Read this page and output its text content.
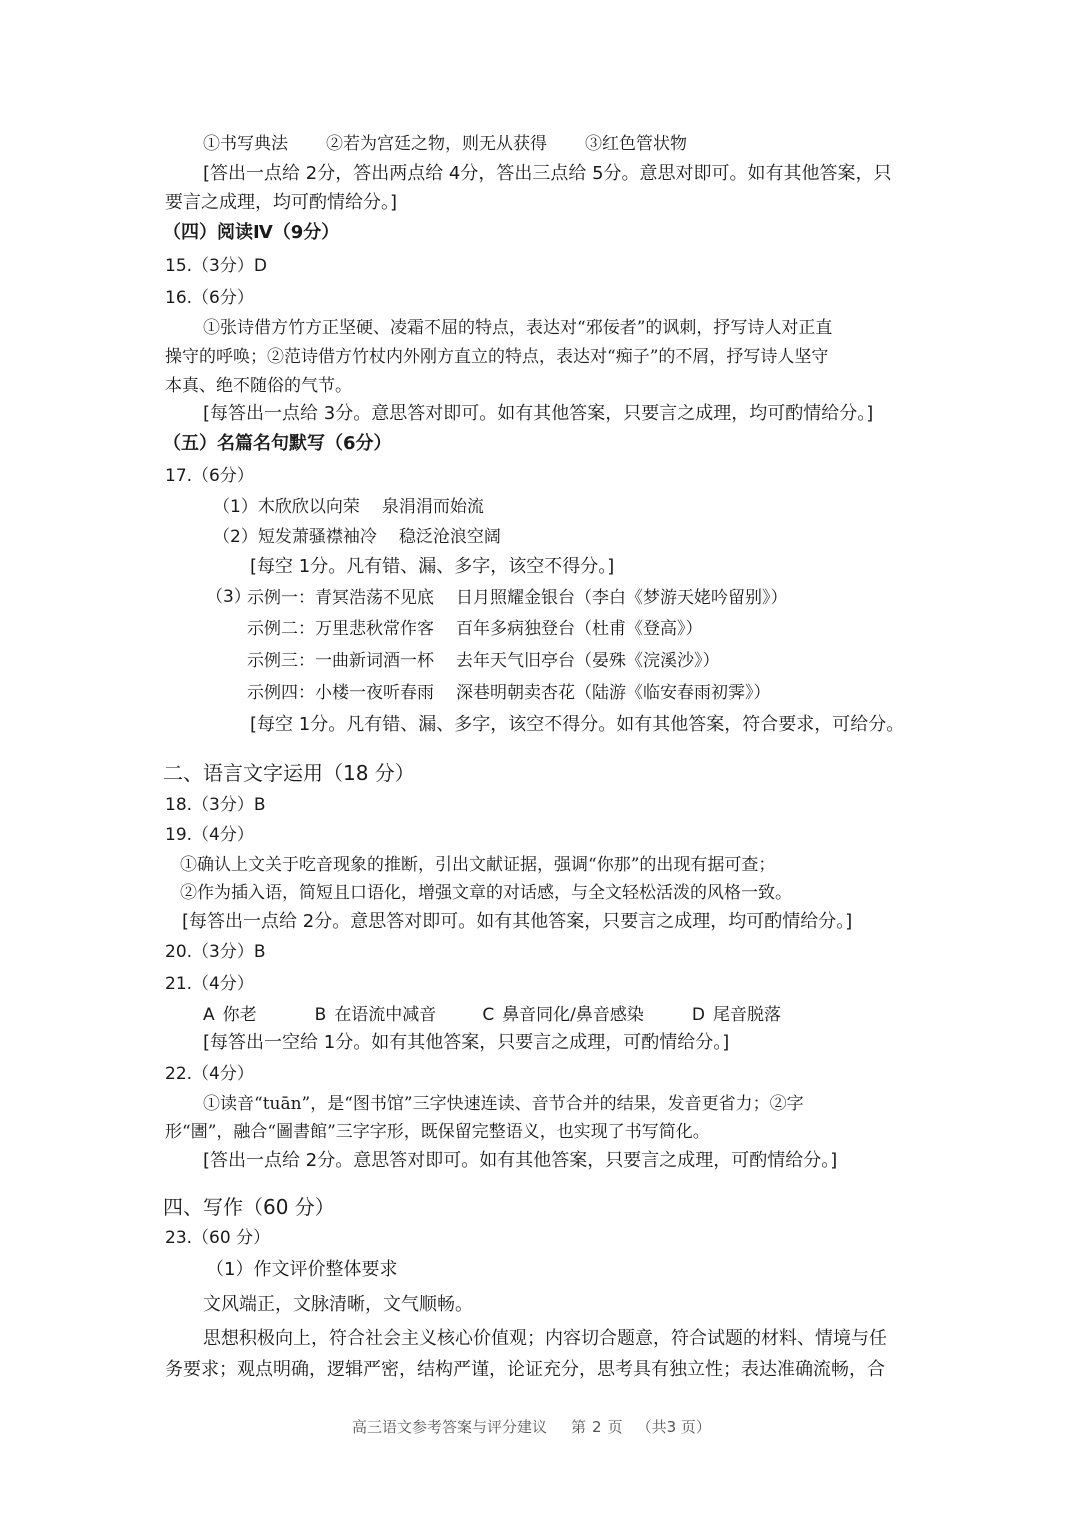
①书写典法 ②若为宫廷之物，则无从获得 ③红色管状物
[答出一点给 2分，答出两点给 4分，答出三点给 5分。意思对即可。如有其他答案，只
要言之成理，均可酌情给分。]
（四）阅读Ⅳ（9分）
15.（3分）D
16.（6分）
①张诗借方竹方正坚硬、凌霜不屈的特点，表达对“邪佞者”的讽刺，抒写诗人对正直
操守的呼唤；②范诗借方竹杖内外刚方直立的特点，表达对“痴子”的不屑，抒写诗人坚守
本真、绝不随俗的气节。
[每答出一点给 3分。意思答对即可。如有其他答案，只要言之成理，均可酌情给分。]
（五）名篇名句默写（6分）
17.（6分）
（1）木欣欣以向荣 泉涓涓而始流
（2）短发萧骚襟袖冷 稳泛沧浪空阔
[每空 1分。凡有错、漏、多字，该空不得分。]
（3）
示例一：青冥浩荡不见底 日月照耀金银台（李白《梦游天姥吟留别》）
示例二：万里悲秋常作客 百年多病独登台（杜甫《登高》）
示例三：一曲新词酒一杯 去年天气旧亭台（晏殊《浣溪沙》）
示例四：小楼一夜听春雨 深巷明朝卖杏花（陆游《临安春雨初霁》）
[每空 1分。凡有错、漏、多字，该空不得分。如有其他答案，符合要求，可给分。
二、语言文字运用（18 分）
18.（3分）B
19.（4分）
①确认上文关于吃音现象的推断，引出文献证据，强调“你那”的出现有据可查；
②作为插入语，简短且口语化，增强文章的对话感，与全文轻松活泼的风格一致。
[每答出一点给 2分。意思答对即可。如有其他答案，只要言之成理，均可酌情给分。]
20.（3分）B
21.（4分）
A 你老	B 在语流中减音	C 鼻音同化/鼻音感染	D 尾音脱落
[每答出一空给 1分。如有其他答案，只要言之成理，可酌情给分。]
22.（4分）
①读音“tuān”，是“图书馆”三字快速连读、音节合并的结果，发音更省力；②字
形“圕”，融合“圖書館”三字字形，既保留完整语义，也实现了书写简化。
[答出一点给 2分。意思答对即可。如有其他答案，只要言之成理，可酌情给分。]
四、写作（60 分）
23.（60 分）
（1）作文评价整体要求
文风端正，文脉清晰，文气顺畅。
思想积极向上，符合社会主义核心价值观；内容切合题意，符合试题的材料、情境与任
务要求；观点明确，逻辑严密，结构严谨，论证充分，思考具有独立性；表达准确流畅，合
高三语文参考答案与评分建议 第 2 页 （共3 页）
